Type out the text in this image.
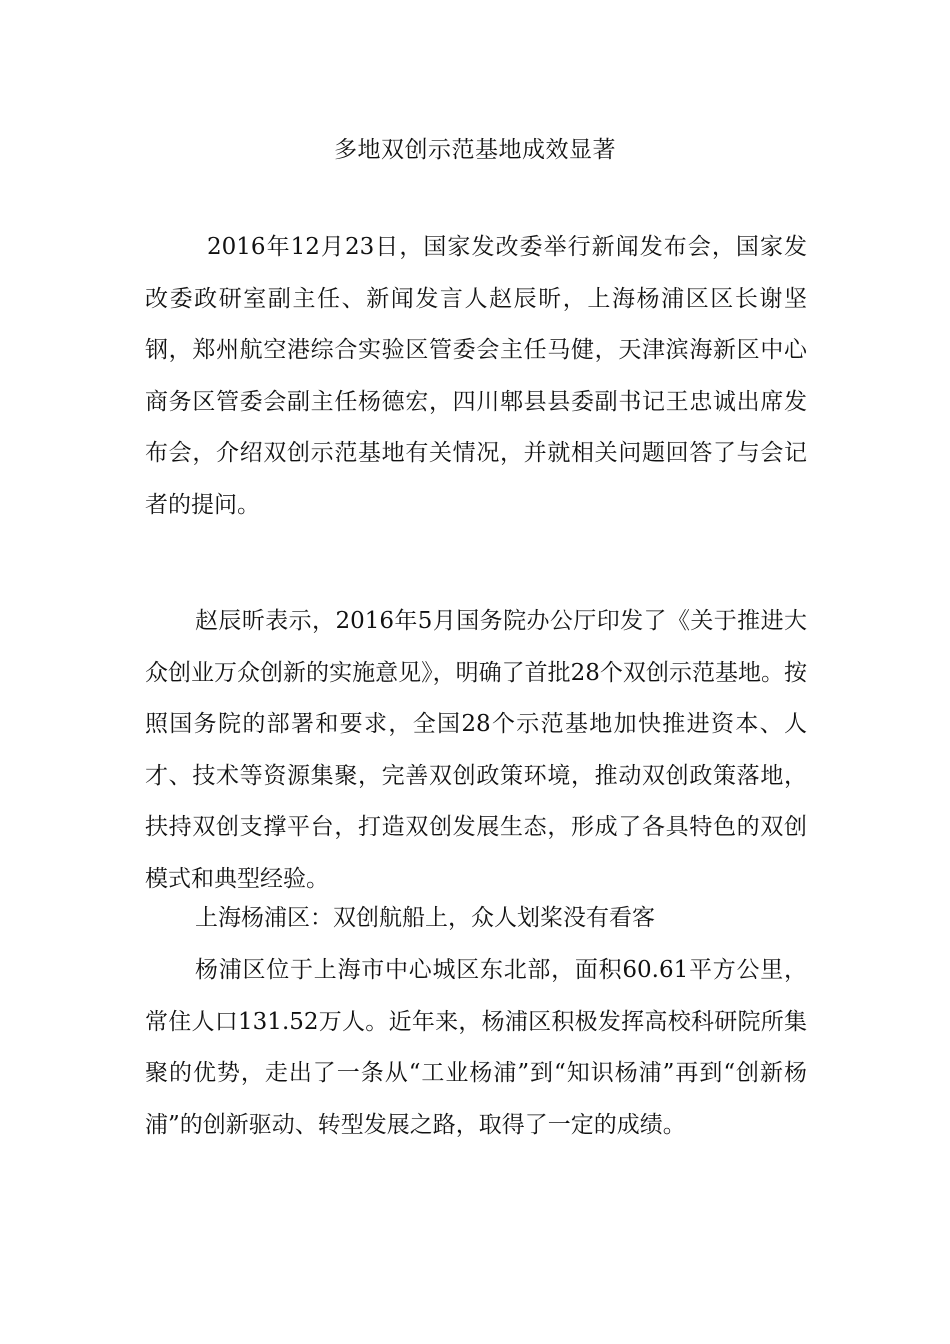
多地双创示范基地成效显著

2016年12月23日，国家发改委举行新闻发布会，国家发改委政研室副主任、新闻发言人赵辰昕，上海杨浦区区长谢坚钢，郑州航空港综合实验区管委会主任马健，天津滨海新区中心商务区管委会副主任杨德宏，四川郫县县委副书记王忠诚出席发布会，介绍双创示范基地有关情况，并就相关问题回答了与会记者的提问。

赵辰昕表示，2016年5月国务院办公厅印发了《关于推进大众创业万众创新的实施意见》，明确了首批28个双创示范基地。按照国务院的部署和要求，全国28个示范基地加快推进资本、人才、技术等资源集聚，完善双创政策环境，推动双创政策落地，扶持双创支撑平台，打造双创发展生态，形成了各具特色的双创模式和典型经验。

上海杨浦区：双创航船上，众人划桨没有看客

杨浦区位于上海市中心城区东北部，面积60.61平方公里，常住人口131.52万人。近年来，杨浦区积极发挥高校科研院所集聚的优势，走出了一条从“工业杨浦”到“知识杨浦”再到“创新杨浦”的创新驱动、转型发展之路，取得了一定的成绩。
